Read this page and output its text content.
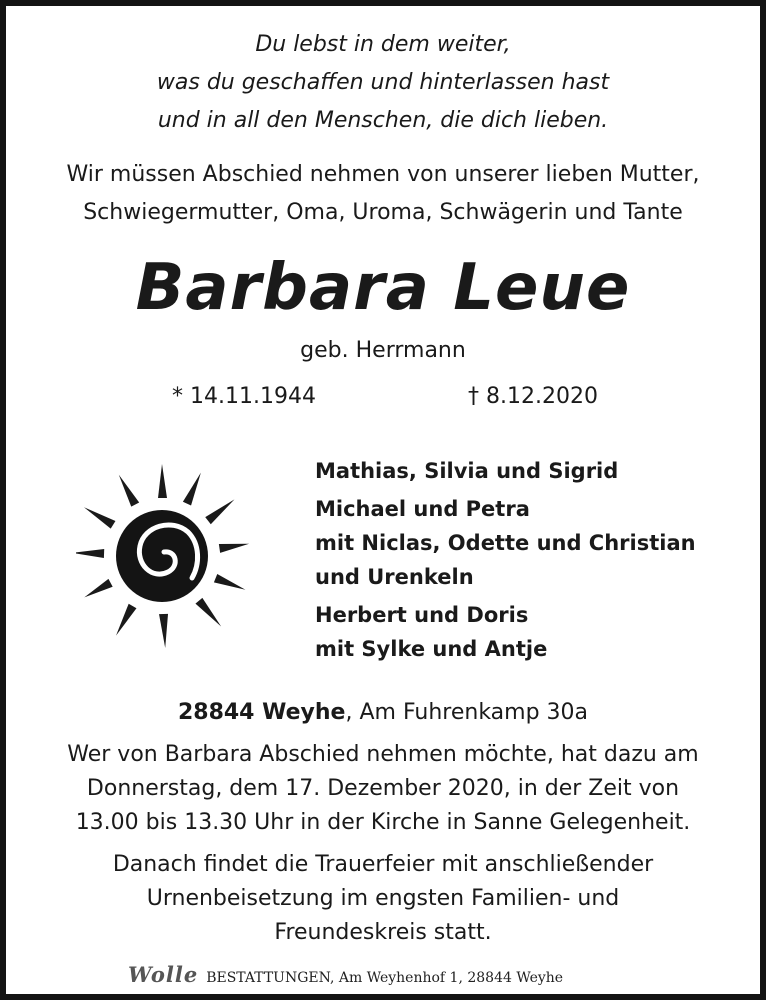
Du lebst in dem weiter,
was du geschaffen und hinterlassen hast
und in all den Menschen, die dich lieben.
Wir müssen Abschied nehmen von unserer lieben Mutter,
Schwiegermutter, Oma, Uroma, Schwägerin und Tante
Barbara Leue
geb. Herrmann
* 14.11.1944	† 8.12.2020
Mathias, Silvia und Sigrid
Michael und Petra
mit Niclas, Odette und Christian
und Urenkeln
Herbert und Doris
mit Sylke und Antje
28844 Weyhe, Am Fuhrenkamp 30a
Wer von Barbara Abschied nehmen möchte, hat dazu am
Donnerstag, dem 17. Dezember 2020, in der Zeit von
13.00 bis 13.30 Uhr in der Kirche in Sanne Gelegenheit.
Danach findet die Trauerfeier mit anschließender
Urnenbeisetzung im engsten Familien- und
Freundeskreis statt.
Wolle BESTATTUNGEN, Am Weyhenhof 1, 28844 Weyhe
